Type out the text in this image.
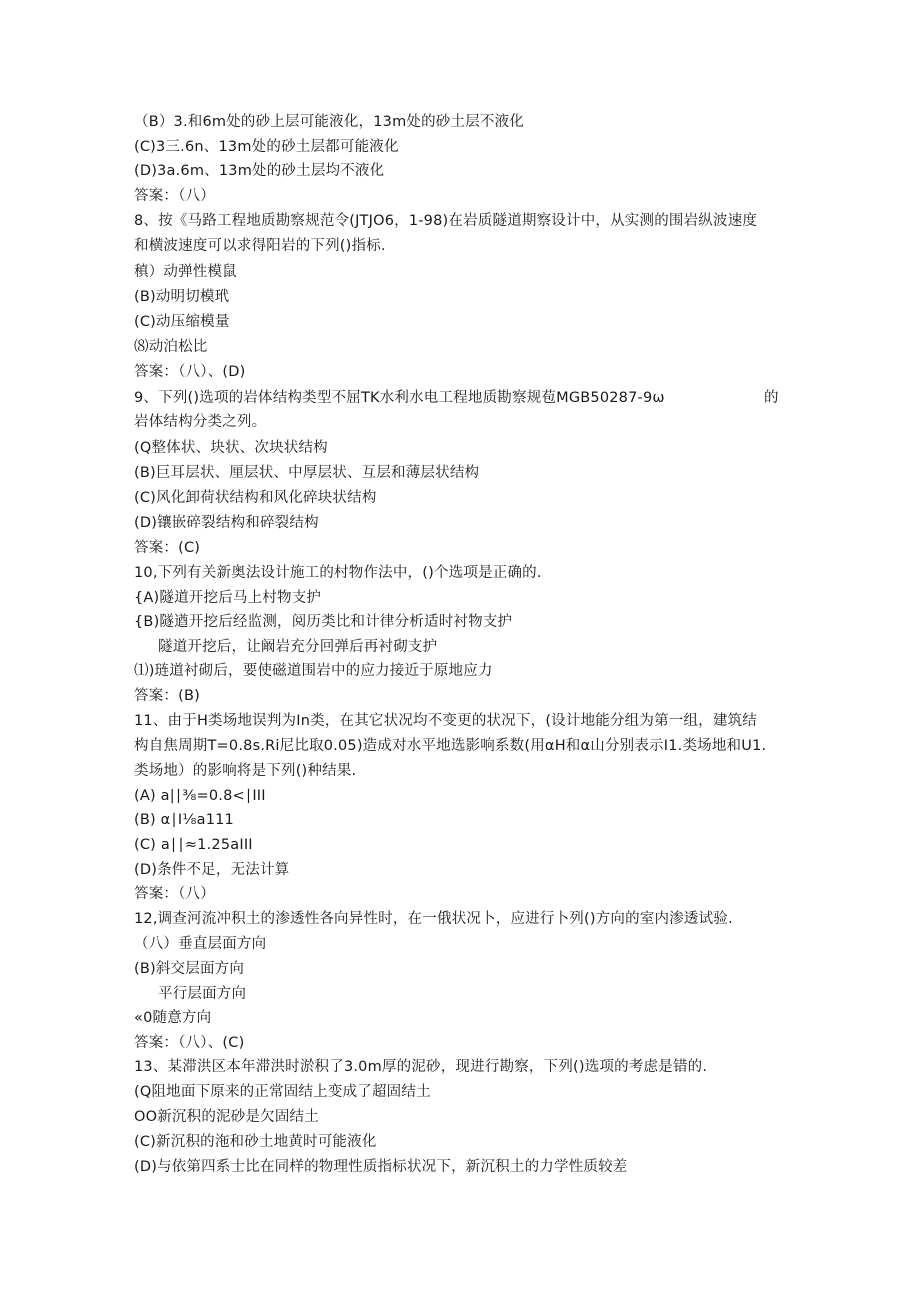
（B）3.和6m处的砂上层可能液化，13m处的砂土层不液化
(C)3三.6n、13m处的砂土层都可能液化
(D)3a.6m、13m处的砂土层均不液化
答案：（八）
8、按《马路工程地质勘察规范令(JTJO6，1-98)在岩质隧道期察设计中，从实测的围岩纵波速度
和横波速度可以求得阳岩的下列()指标.
稹）动弹性模鼠
(B)动明切模玳
(C)动压缩模量
⑻动泊松比
答案：（八）、(D)
9、下列()选项的岩体结构类型不屈TK水利水电工程地质勘察规苞MGB50287-9ω	的
岩体结构分类之列。
(Q整体状、块状、次块状结构
(B)巨耳层状、厘层状、中厚层状、互层和薄层状结构
(C)风化卸荷状结构和风化碎块状结构
(D)镶嵌碎裂结构和碎裂结构
答案：(C)
10,下列有关新奥法设计施工的村物作法中，()个选项是正确的.
{A)隧道开挖后马上村物支护
{B)隧遒开挖后经监测，阅历类比和计律分析适时衬物支护
隧道开挖后，让阚岩充分回弹后再衬砌支护
⑴)琏道衬砌后，要使磁道围岩中的应力接近于原地应力
答案：(B)
11、由于H类场地误判为In类，在其它状况均不变更的状况下，(设计地能分组为第一组，建筑结
构自焦周期T=0.8s.Ri尼比取0.05)造成对水平地选影响系数(用αH和α山分别表示I1.类场地和U1.
类场地）的影响将是下列()种结果.
(A) a|∣⅜=0.8<∣III
(B) α∣I⅛a111
(C) a∣∣≈1.25aIII
(D)条件不足，无法计算
答案：（八）
12,调查河流冲积土的渗透性各向异性时，在一俄状况卜，应进行卜列()方向的室内渗透试验.
（八）垂直层面方向
(B)斜交层面方向
平行层面方向
«0随意方向
答案：（八）、(C)
13、某滞洪区本年滞洪时淤积了3.0m厚的泥砂，现进行勘察，下列()选项的考虑是错的.
(Q阻地面下原来的正常固结上变成了超固结土
OO新沉积的泥砂是欠固结土
(C)新沉积的沲和砂土地黄时可能液化
(D)与依第四系士比在同样的物理性质指标状况下，新沉积土的力学性质较差
